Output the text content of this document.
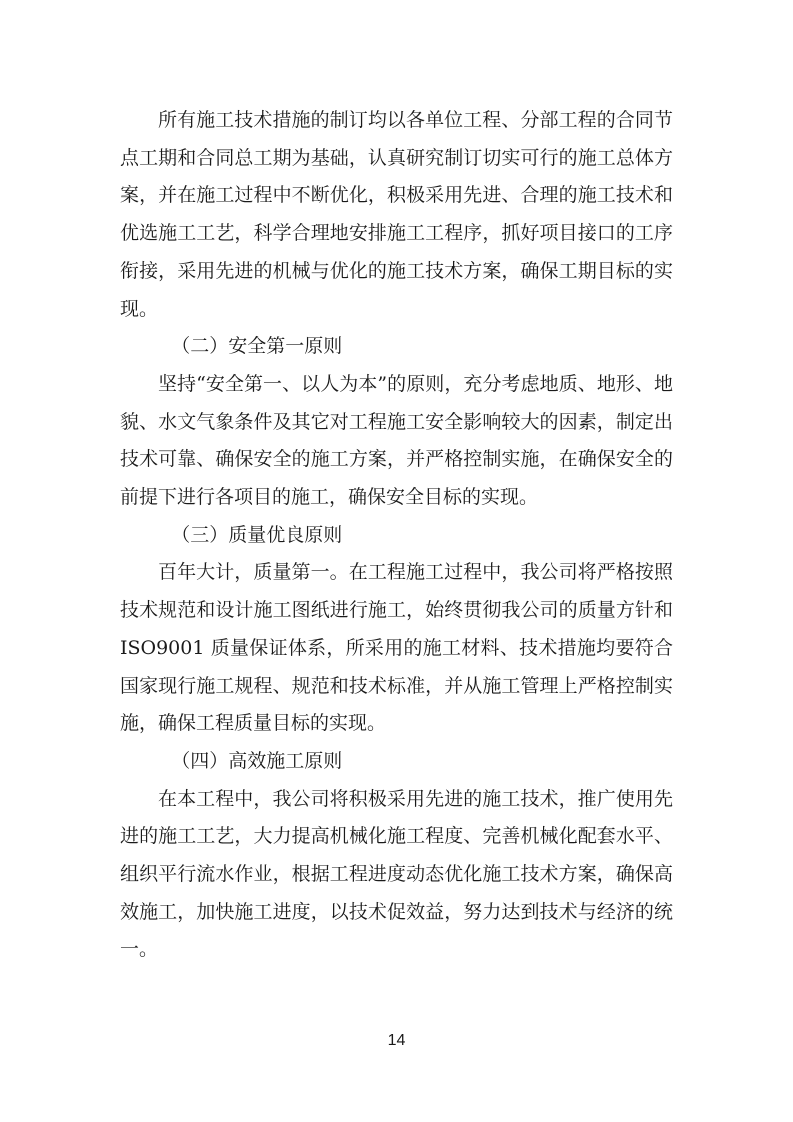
所有施工技术措施的制订均以各单位工程、分部工程的合同节点工期和合同总工期为基础，认真研究制订切实可行的施工总体方案，并在施工过程中不断优化，积极采用先进、合理的施工技术和优选施工工艺，科学合理地安排施工工程序，抓好项目接口的工序衔接，采用先进的机械与优化的施工技术方案，确保工期目标的实现。

（二）安全第一原则

坚持“安全第一、以人为本”的原则，充分考虑地质、地形、地貌、水文气象条件及其它对工程施工安全影响较大的因素，制定出技术可靠、确保安全的施工方案，并严格控制实施，在确保安全的前提下进行各项目的施工，确保安全目标的实现。

（三）质量优良原则

百年大计，质量第一。在工程施工过程中，我公司将严格按照技术规范和设计施工图纸进行施工，始终贯彻我公司的质量方针和 ISO9001 质量保证体系，所采用的施工材料、技术措施均要符合国家现行施工规程、规范和技术标准，并从施工管理上严格控制实施，确保工程质量目标的实现。

（四）高效施工原则

在本工程中，我公司将积极采用先进的施工技术，推广使用先进的施工工艺，大力提高机械化施工程度、完善机械化配套水平、组织平行流水作业，根据工程进度动态优化施工技术方案，确保高效施工，加快施工进度，以技术促效益，努力达到技术与经济的统一。

14
